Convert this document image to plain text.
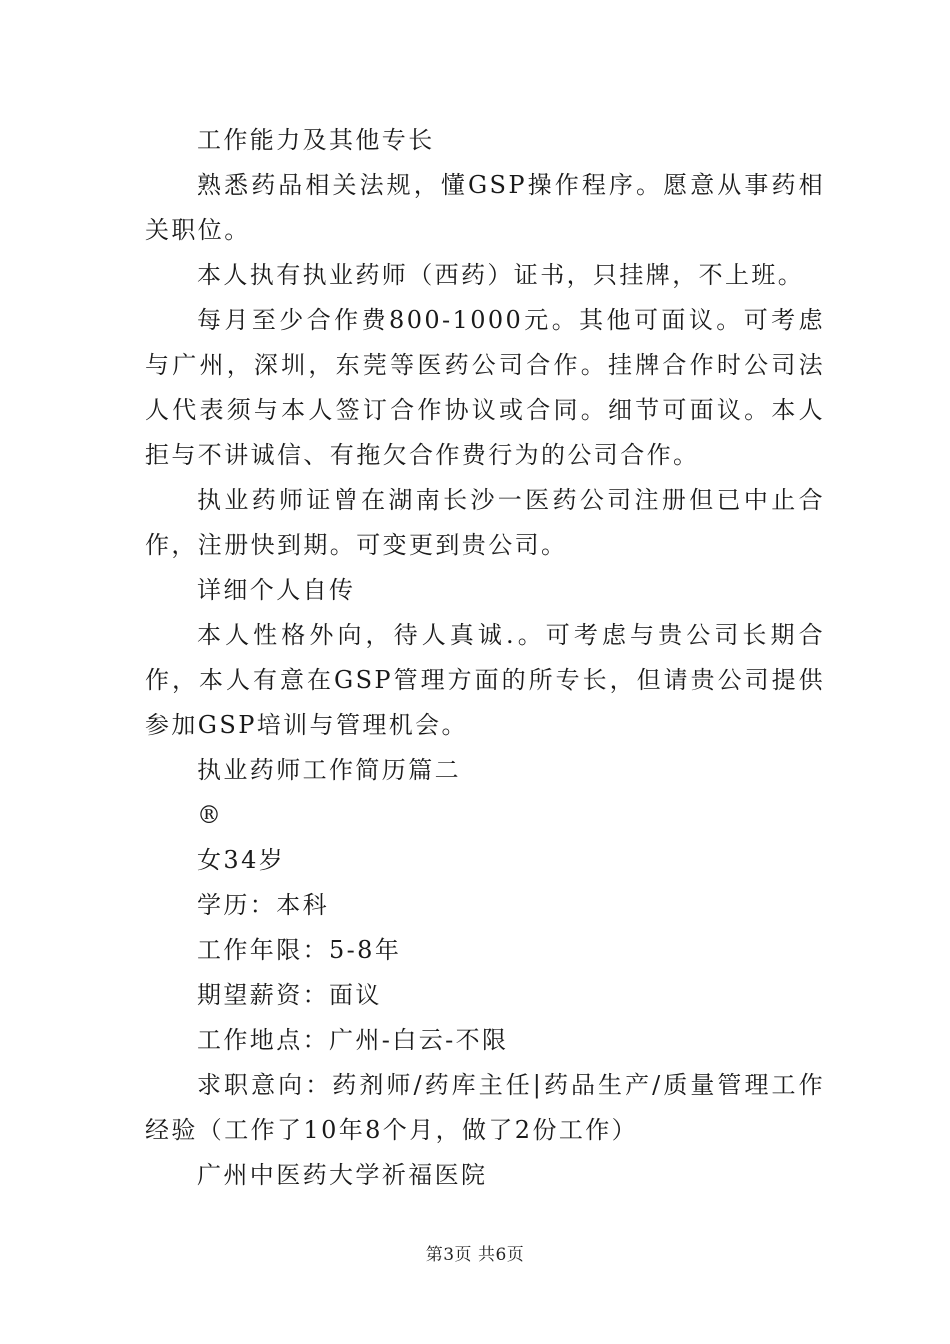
工作能力及其他专长

熟悉药品相关法规，懂GSP操作程序。愿意从事药相关职位。

本人执有执业药师（西药）证书，只挂牌，不上班。

每月至少合作费800-1000元。其他可面议。可考虑与广州，深圳，东莞等医药公司合作。挂牌合作时公司法人代表须与本人签订合作协议或合同。细节可面议。本人拒与不讲诚信、有拖欠合作费行为的公司合作。

执业药师证曾在湖南长沙一医药公司注册但已中止合作，注册快到期。可变更到贵公司。

详细个人自传

本人性格外向，待人真诚.。可考虑与贵公司长期合作，本人有意在GSP管理方面的所专长，但请贵公司提供参加GSP培训与管理机会。

执业药师工作简历篇二

®

女34岁

学历：本科

工作年限：5-8年

期望薪资：面议

工作地点：广州-白云-不限

求职意向：药剂师/药库主任|药品生产/质量管理工作经验（工作了10年8个月，做了2份工作）

广州中医药大学祈福医院

第3页 共6页
